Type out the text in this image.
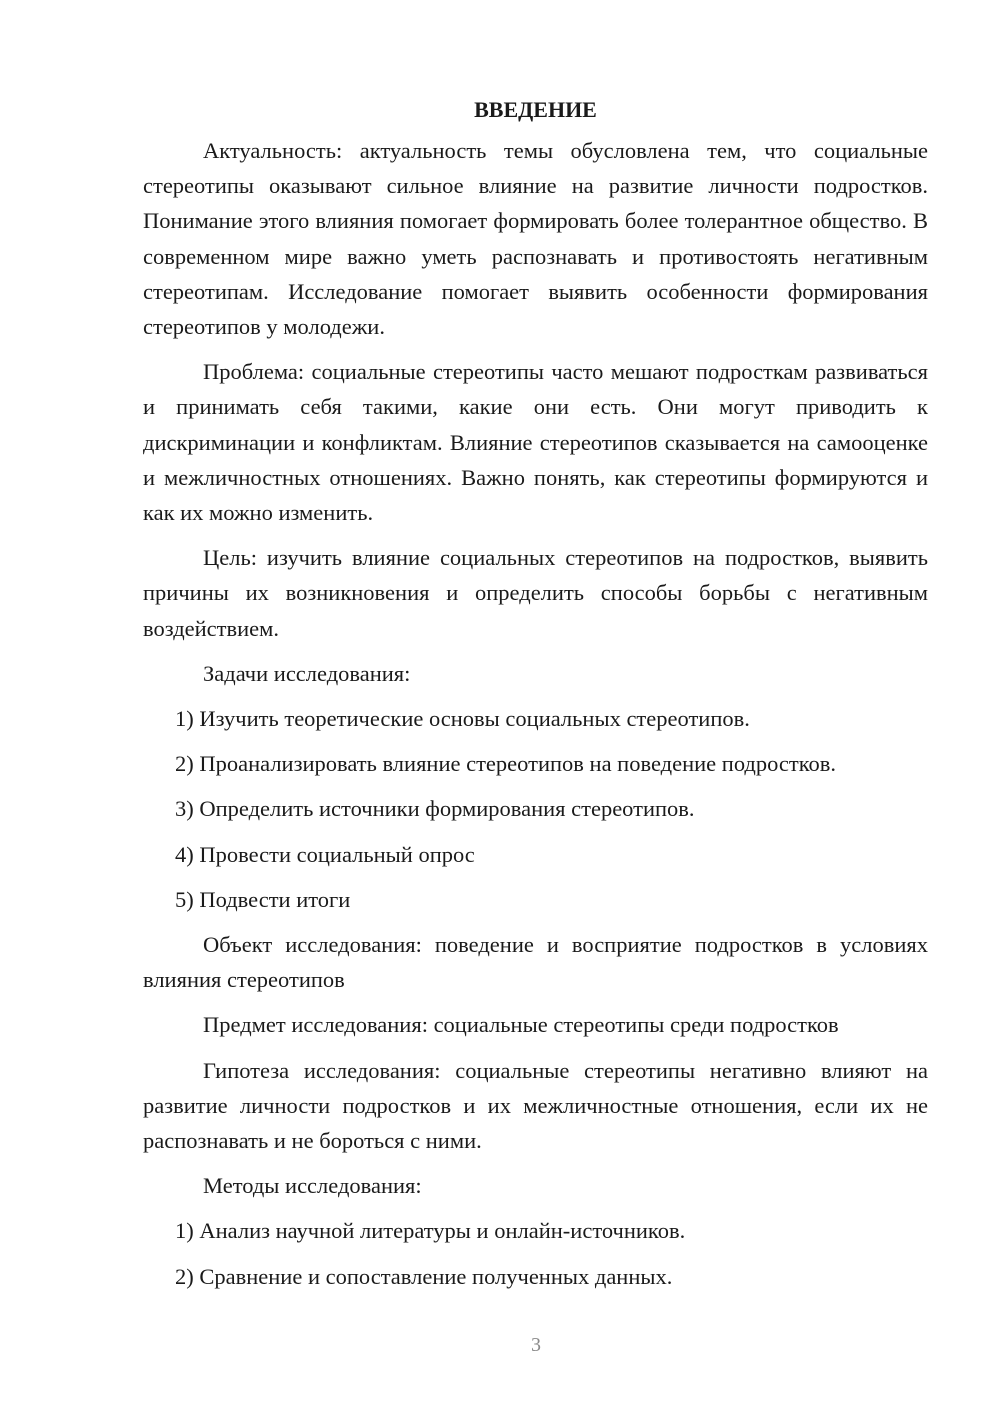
ВВЕДЕНИЕ

Актуальность: актуальность темы обусловлена тем, что социальные стереотипы оказывают сильное влияние на развитие личности подростков. Понимание этого влияния помогает формировать более толерантное общество. В современном мире важно уметь распознавать и противостоять негативным стереотипам. Исследование помогает выявить особенности формирования стереотипов у молодежи.

Проблема: социальные стереотипы часто мешают подросткам развиваться и принимать себя такими, какие они есть. Они могут приводить к дискриминации и конфликтам. Влияние стереотипов сказывается на самооценке и межличностных отношениях. Важно понять, как стереотипы формируются и как их можно изменить.

Цель: изучить влияние социальных стереотипов на подростков, выявить причины их возникновения и определить способы борьбы с негативным воздействием.

Задачи исследования:
1) Изучить теоретические основы социальных стереотипов.
2) Проанализировать влияние стереотипов на поведение подростков.
3) Определить источники формирования стереотипов.
4) Провести социальный опрос
5) Подвести итоги

Объект исследования: поведение и восприятие подростков в условиях влияния стереотипов

Предмет исследования: социальные стереотипы среди подростков

Гипотеза исследования: социальные стереотипы негативно влияют на развитие личности подростков и их межличностные отношения, если их не распознавать и не бороться с ними.

Методы исследования:
1) Анализ научной литературы и онлайн-источников.
2) Сравнение и сопоставление полученных данных.
3
